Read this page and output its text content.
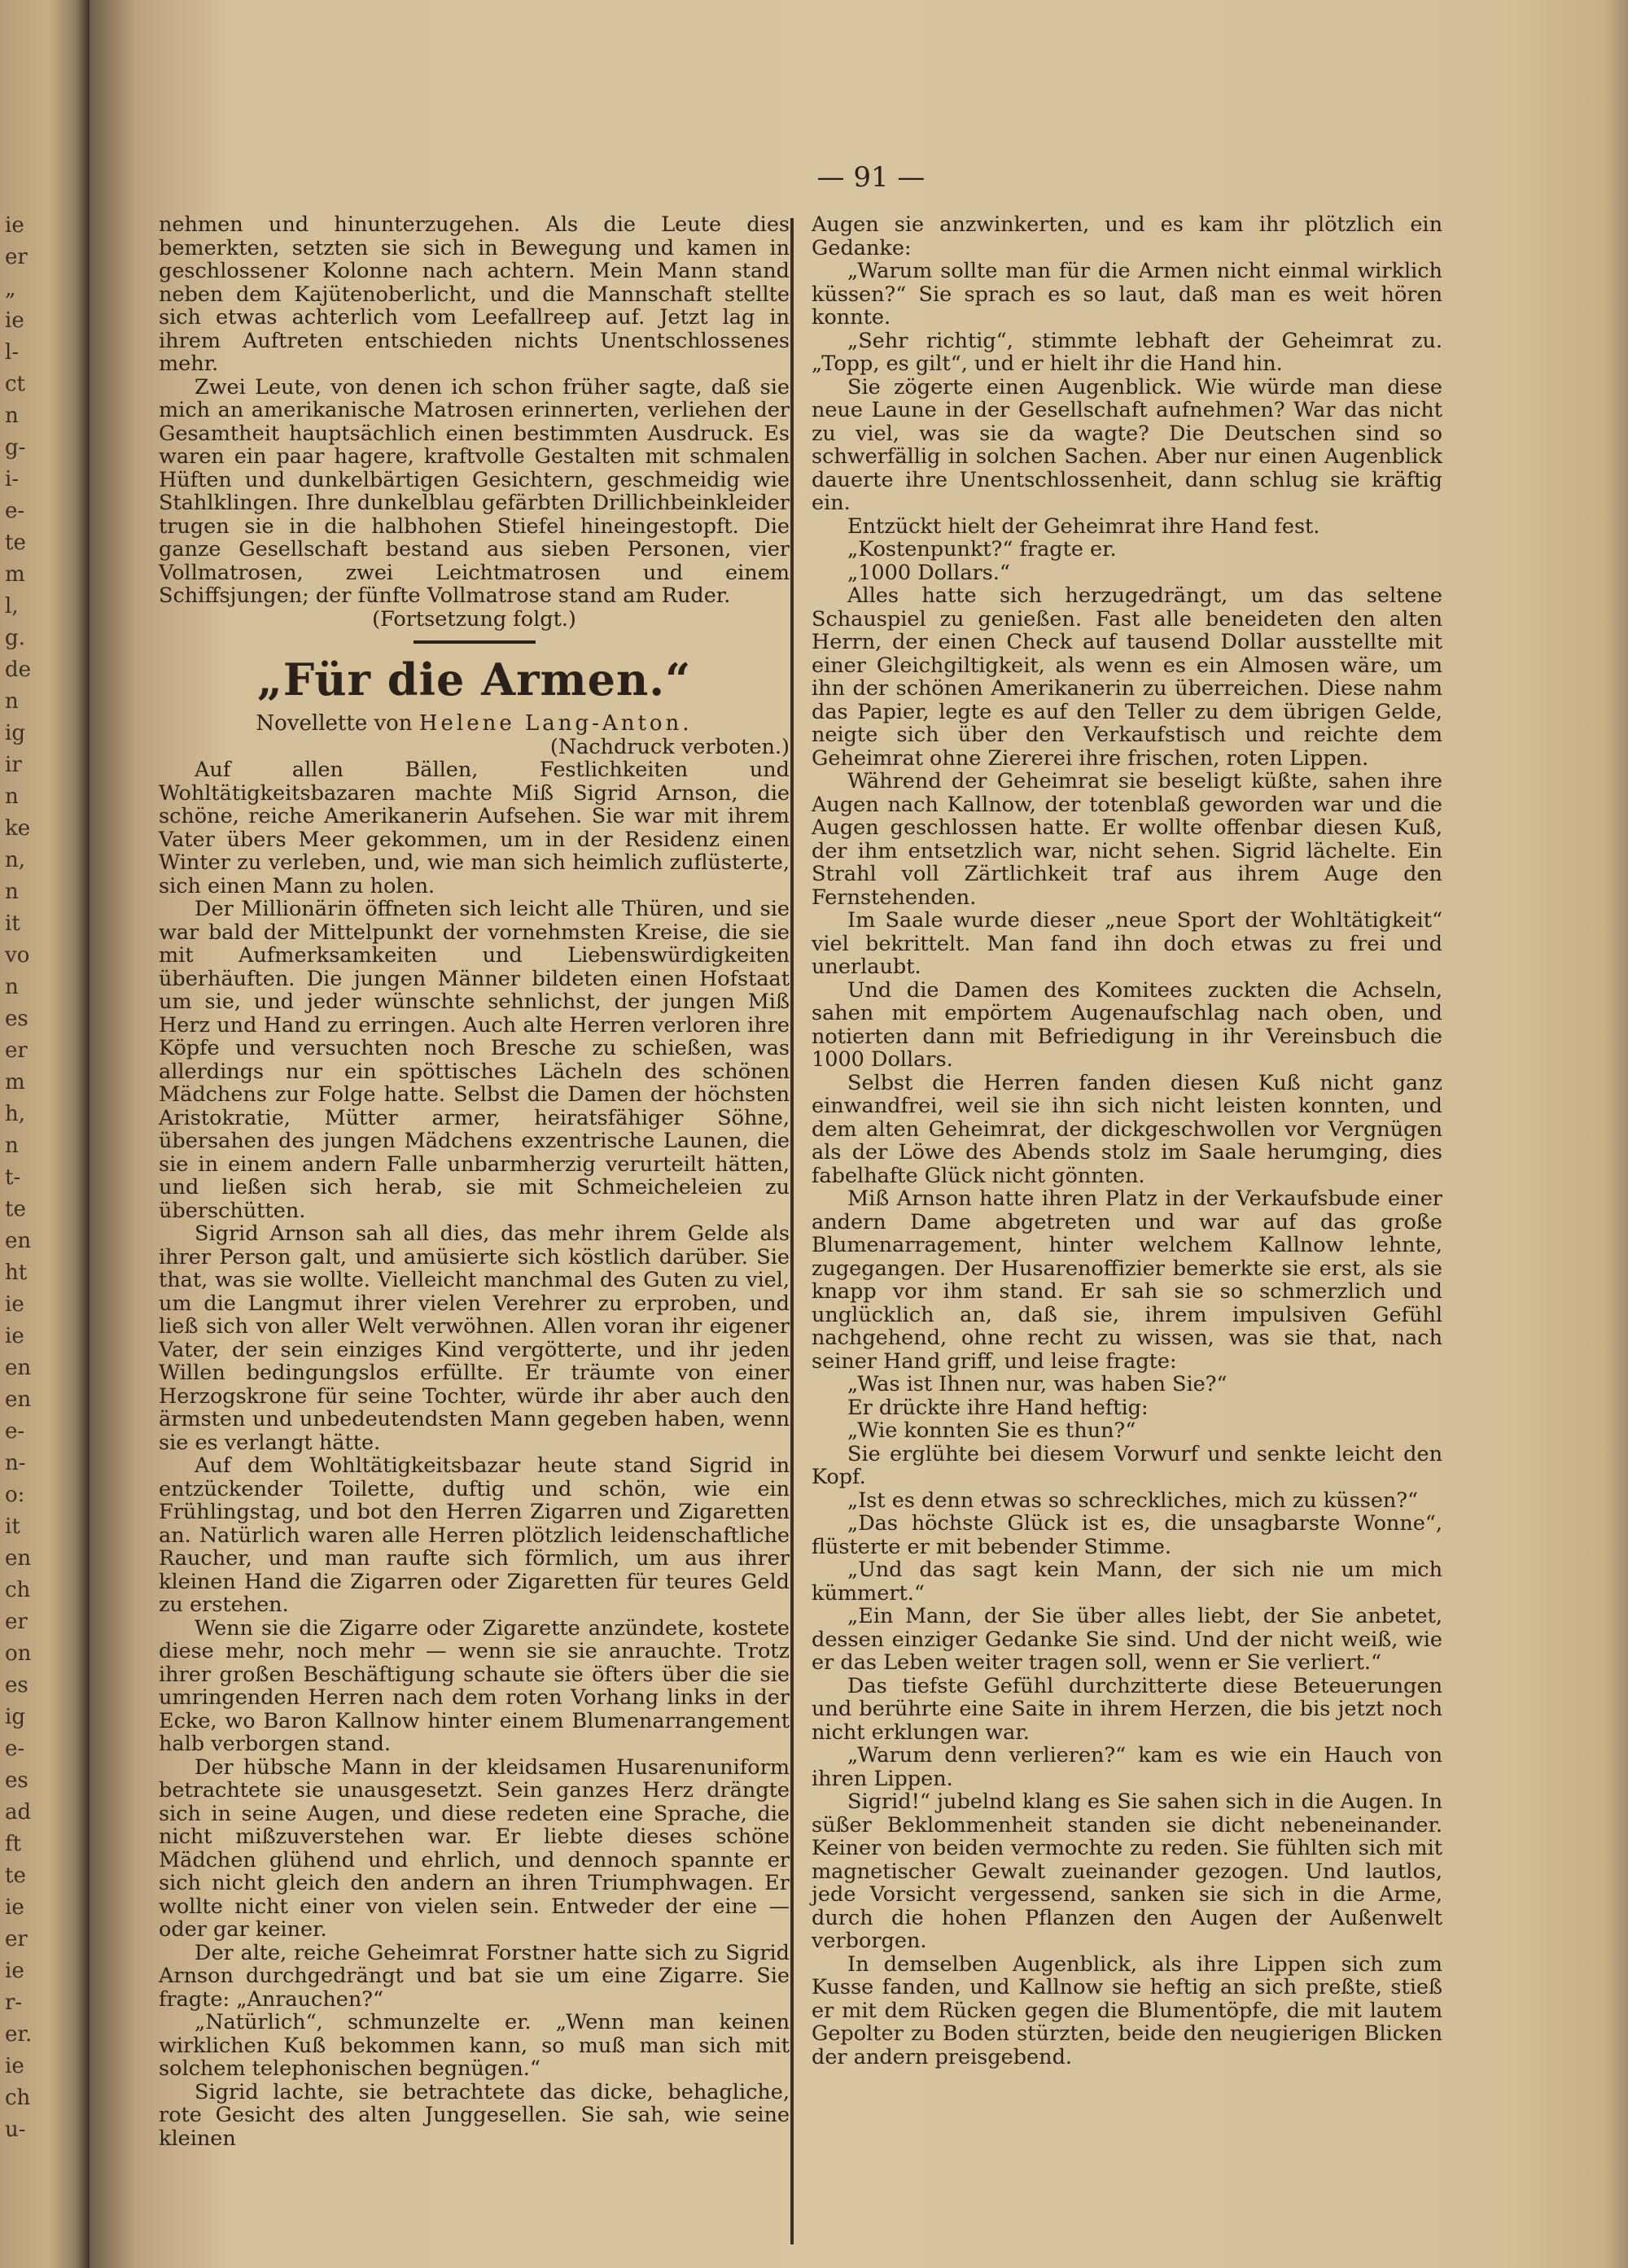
ie
er
„
ie
l-
ct
n
g-
i-
e-
te
m
l,
g.
de
n
ig
ir
n
ke
n,
n
it
vo
n
es
er
m
h,
n
t-
te
en
ht
ie
ie
en
en
e-
n-
o:
it
en
ch
er
on
es
ig
e-
es
ad
ft
te
ie
er
ie
r-
er.
ie
ch
u-
— 91 —

nehmen und hinunterzugehen. Als die Leute dies bemerkten, setzten sie sich in Bewegung und kamen in geschlossener Kolonne nach achtern. Mein Mann stand neben dem Kajütenoberlicht, und die Mannschaft stellte sich etwas achterlich vom Leefallreep auf. Jetzt lag in ihrem Auftreten entschieden nichts Unentschlossenes mehr.

Zwei Leute, von denen ich schon früher sagte, daß sie mich an amerikanische Matrosen erinnerten, verliehen der Gesamtheit hauptsächlich einen bestimmten Ausdruck. Es waren ein paar hagere, kraftvolle Gestalten mit schmalen Hüften und dunkelbärtigen Gesichtern, geschmeidig wie Stahlklingen. Ihre dunkelblau gefärbten Drillichbeinkleider trugen sie in die halbhohen Stiefel hineingestopft. Die ganze Gesellschaft bestand aus sieben Personen, vier Vollmatrosen, zwei Leichtmatrosen und einem Schiffsjungen; der fünfte Vollmatrose stand am Ruder.

(Fortsetzung folgt.)

„Für die Armen.“
Novellette von Helene Lang-Anton.

(Nachdruck verboten.)

Auf allen Bällen, Festlichkeiten und Wohltätigkeitsbazaren machte Miß Sigrid Arnson, die schöne, reiche Amerikanerin Aufsehen. Sie war mit ihrem Vater übers Meer gekommen, um in der Residenz einen Winter zu verleben, und, wie man sich heimlich zuflüsterte, sich einen Mann zu holen.

Der Millionärin öffneten sich leicht alle Thüren, und sie war bald der Mittelpunkt der vornehmsten Kreise, die sie mit Aufmerksamkeiten und Liebenswürdigkeiten überhäuften. Die jungen Männer bildeten einen Hofstaat um sie, und jeder wünschte sehnlichst, der jungen Miß Herz und Hand zu erringen. Auch alte Herren verloren ihre Köpfe und versuchten noch Bresche zu schießen, was allerdings nur ein spöttisches Lächeln des schönen Mädchens zur Folge hatte. Selbst die Damen der höchsten Aristokratie, Mütter armer, heiratsfähiger Söhne, übersahen des jungen Mädchens exzentrische Launen, die sie in einem andern Falle unbarmherzig verurteilt hätten, und ließen sich herab, sie mit Schmeicheleien zu überschütten.

Sigrid Arnson sah all dies, das mehr ihrem Gelde als ihrer Person galt, und amüsierte sich köstlich darüber. Sie that, was sie wollte. Vielleicht manchmal des Guten zu viel, um die Langmut ihrer vielen Verehrer zu erproben, und ließ sich von aller Welt verwöhnen. Allen voran ihr eigener Vater, der sein einziges Kind vergötterte, und ihr jeden Willen bedingungslos erfüllte. Er träumte von einer Herzogskrone für seine Tochter, würde ihr aber auch den ärmsten und unbedeutendsten Mann gegeben haben, wenn sie es verlangt hätte.

Auf dem Wohltätigkeitsbazar heute stand Sigrid in entzückender Toilette, duftig und schön, wie ein Frühlingstag, und bot den Herren Zigarren und Zigaretten an. Natürlich waren alle Herren plötzlich leidenschaftliche Raucher, und man raufte sich förmlich, um aus ihrer kleinen Hand die Zigarren oder Zigaretten für teures Geld zu erstehen.

Wenn sie die Zigarre oder Zigarette anzündete, kostete diese mehr, noch mehr — wenn sie sie anrauchte. Trotz ihrer großen Beschäftigung schaute sie öfters über die sie umringenden Herren nach dem roten Vorhang links in der Ecke, wo Baron Kallnow hinter einem Blumenarrangement halb verborgen stand.

Der hübsche Mann in der kleidsamen Husarenuniform betrachtete sie unausgesetzt. Sein ganzes Herz drängte sich in seine Augen, und diese redeten eine Sprache, die nicht mißzuverstehen war. Er liebte dieses schöne Mädchen glühend und ehrlich, und dennoch spannte er sich nicht gleich den andern an ihren Triumphwagen. Er wollte nicht einer von vielen sein. Entweder der eine — oder gar keiner.

Der alte, reiche Geheimrat Forstner hatte sich zu Sigrid Arnson durchgedrängt und bat sie um eine Zigarre. Sie fragte: „Anrauchen?“

„Natürlich“, schmunzelte er. „Wenn man keinen wirklichen Kuß bekommen kann, so muß man sich mit solchem telephonischen begnügen.“

Sigrid lachte, sie betrachtete das dicke, behagliche, rote Gesicht des alten Junggesellen. Sie sah, wie seine kleinen

Augen sie anzwinkerten, und es kam ihr plötzlich ein Gedanke:

„Warum sollte man für die Armen nicht einmal wirklich küssen?“ Sie sprach es so laut, daß man es weit hören konnte.

„Sehr richtig“, stimmte lebhaft der Geheimrat zu. „Topp, es gilt“, und er hielt ihr die Hand hin.

Sie zögerte einen Augenblick. Wie würde man diese neue Laune in der Gesellschaft aufnehmen? War das nicht zu viel, was sie da wagte? Die Deutschen sind so schwerfällig in solchen Sachen. Aber nur einen Augenblick dauerte ihre Unentschlossenheit, dann schlug sie kräftig ein.

Entzückt hielt der Geheimrat ihre Hand fest.

„Kostenpunkt?“ fragte er.

„1000 Dollars.“

Alles hatte sich herzugedrängt, um das seltene Schauspiel zu genießen. Fast alle beneideten den alten Herrn, der einen Check auf tausend Dollar ausstellte mit einer Gleichgiltigkeit, als wenn es ein Almosen wäre, um ihn der schönen Amerikanerin zu überreichen. Diese nahm das Papier, legte es auf den Teller zu dem übrigen Gelde, neigte sich über den Verkaufstisch und reichte dem Geheimrat ohne Ziererei ihre frischen, roten Lippen.

Während der Geheimrat sie beseligt küßte, sahen ihre Augen nach Kallnow, der totenblaß geworden war und die Augen geschlossen hatte. Er wollte offenbar diesen Kuß, der ihm entsetzlich war, nicht sehen. Sigrid lächelte. Ein Strahl voll Zärtlichkeit traf aus ihrem Auge den Fernstehenden.

Im Saale wurde dieser „neue Sport der Wohltätigkeit“ viel bekrittelt. Man fand ihn doch etwas zu frei und unerlaubt.

Und die Damen des Komitees zuckten die Achseln, sahen mit empörtem Augenaufschlag nach oben, und notierten dann mit Befriedigung in ihr Vereinsbuch die 1000 Dollars.

Selbst die Herren fanden diesen Kuß nicht ganz einwandfrei, weil sie ihn sich nicht leisten konnten, und dem alten Geheimrat, der dickgeschwollen vor Vergnügen als der Löwe des Abends stolz im Saale herumging, dies fabelhafte Glück nicht gönnten.

Miß Arnson hatte ihren Platz in der Verkaufsbude einer andern Dame abgetreten und war auf das große Blumenarragement, hinter welchem Kallnow lehnte, zugegangen. Der Husarenoffizier bemerkte sie erst, als sie knapp vor ihm stand. Er sah sie so schmerzlich und unglücklich an, daß sie, ihrem impulsiven Gefühl nachgehend, ohne recht zu wissen, was sie that, nach seiner Hand griff, und leise fragte:

„Was ist Ihnen nur, was haben Sie?“

Er drückte ihre Hand heftig:

„Wie konnten Sie es thun?“

Sie erglühte bei diesem Vorwurf und senkte leicht den Kopf.

„Ist es denn etwas so schreckliches, mich zu küssen?“

„Das höchste Glück ist es, die unsagbarste Wonne“, flüsterte er mit bebender Stimme.

„Und das sagt kein Mann, der sich nie um mich kümmert.“

„Ein Mann, der Sie über alles liebt, der Sie anbetet, dessen einziger Gedanke Sie sind. Und der nicht weiß, wie er das Leben weiter tragen soll, wenn er Sie verliert.“

Das tiefste Gefühl durchzitterte diese Beteuerungen und berührte eine Saite in ihrem Herzen, die bis jetzt noch nicht erklungen war.

„Warum denn verlieren?“ kam es wie ein Hauch von ihren Lippen.

Sigrid!“ jubelnd klang es Sie sahen sich in die Augen. In süßer Beklommenheit standen sie dicht nebeneinander. Keiner von beiden vermochte zu reden. Sie fühlten sich mit magnetischer Gewalt zueinander gezogen. Und lautlos, jede Vorsicht vergessend, sanken sie sich in die Arme, durch die hohen Pflanzen den Augen der Außenwelt verborgen.

In demselben Augenblick, als ihre Lippen sich zum Kusse fanden, und Kallnow sie heftig an sich preßte, stieß er mit dem Rücken gegen die Blumentöpfe, die mit lautem Gepolter zu Boden stürzten, beide den neugierigen Blicken der andern preisgebend.
